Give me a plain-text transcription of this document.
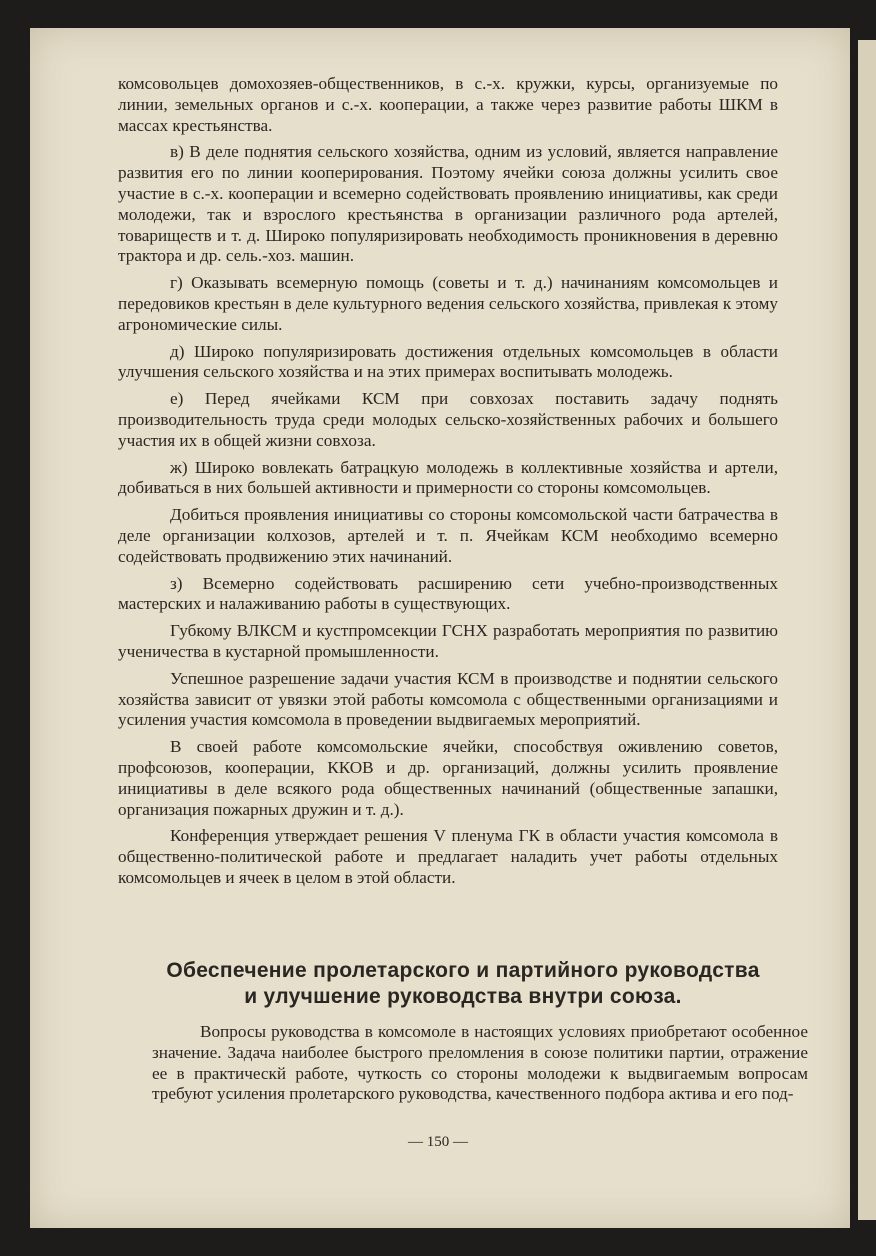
комсовольцев домохозяев-общественников, в с.-х. кружки, курсы, организуемые по линии, земельных органов и с.-х. кооперации, а также через развитие работы ШКМ в массах крестьянства.

в) В деле поднятия сельского хозяйства, одним из условий, является направление развития его по линии кооперирования. Поэтому ячейки союза должны усилить свое участие в с.-х. кооперации и всемерно содействовать проявлению инициативы, как среди молодежи, так и взрослого крестьянства в организации различного рода артелей, товариществ и т. д. Широко популяризировать необходимость проникновения в деревню трактора и др. сель.-хоз. машин.

г) Оказывать всемерную помощь (советы и т. д.) начинаниям комсомольцев и передовиков крестьян в деле культурного ведения сельского хозяйства, привлекая к этому агрономические силы.

д) Широко популяризировать достижения отдельных комсомольцев в области улучшения сельского хозяйства и на этих примерах воспитывать молодежь.

е) Перед ячейками КСМ при совхозах поставить задачу поднять производительность труда среди молодых сельско-хозяйственных рабочих и большего участия их в общей жизни совхоза.

ж) Широко вовлекать батрацкую молодежь в коллективные хозяйства и артели, добиваться в них большей активности и примерности со стороны комсомольцев.

Добиться проявления инициативы со стороны комсомольской части батрачества в деле организации колхозов, артелей и т. п. Ячейкам КСМ необходимо всемерно содействовать продвижению этих начинаний.

з) Всемерно содействовать расширению сети учебно-производственных мастерских и налаживанию работы в существующих.

Губкому ВЛКСМ и кустпромсекции ГСНХ разработать мероприятия по развитию ученичества в кустарной промышленности.

Успешное разрешение задачи участия КСМ в производстве и поднятии сельского хозяйства зависит от увязки этой работы комсомола с общественными организациями и усиления участия комсомола в проведении выдвигаемых мероприятий.

В своей работе комсомольские ячейки, способствуя оживлению советов, профсоюзов, кооперации, ККОВ и др. организаций, должны усилить проявление инициативы в деле всякого рода общественных начинаний (общественные запашки, организация пожарных дружин и т. д.).

Конференция утверждает решения V пленума ГК в области участия комсомола в общественно-политической работе и предлагает наладить учет работы отдельных комсомольцев и ячеек в целом в этой области.

Обеспечение пролетарского и партийного руководства
и улучшение руководства внутри союза.

Вопросы руководства в комсомоле в настоящих условиях приобретают особенное значение. Задача наиболее быстрого преломления в союзе политики партии, отражение ее в практическй работе, чуткость со стороны молодежи к выдвигаемым вопросам требуют усиления пролетарского руководства, качественного подбора актива и его под-

— 150 —
